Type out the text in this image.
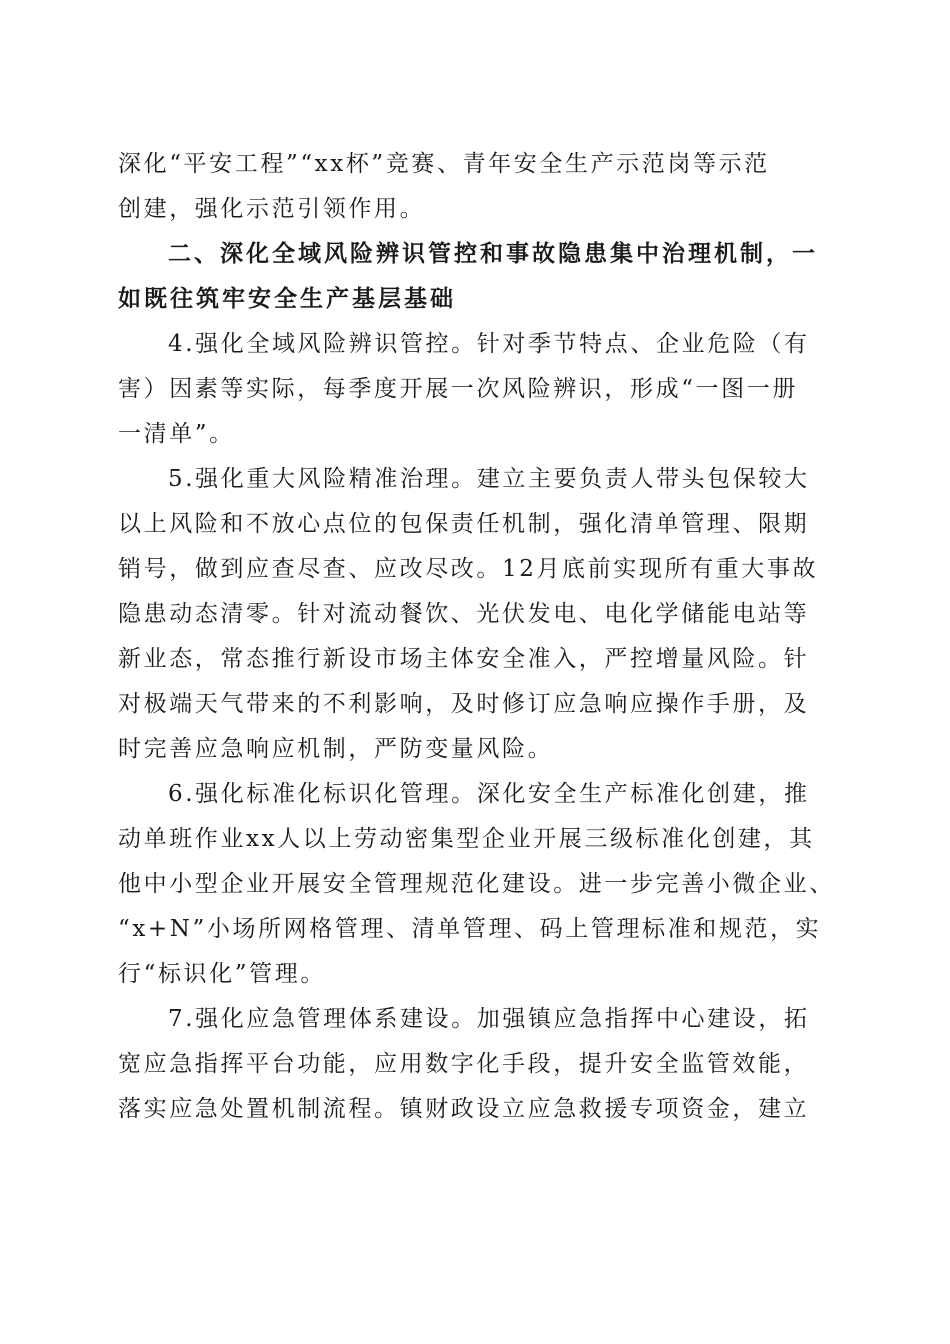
深化“平安工程”“xx杯”竞赛、青年安全生产示范岗等示范
创建，强化示范引领作用。
二、深化全域风险辨识管控和事故隐患集中治理机制，一
如既往筑牢安全生产基层基础
4.强化全域风险辨识管控。针对季节特点、企业危险（有
害）因素等实际，每季度开展一次风险辨识，形成“一图一册
一清单”。
5.强化重大风险精准治理。建立主要负责人带头包保较大
以上风险和不放心点位的包保责任机制，强化清单管理、限期
销号，做到应查尽查、应改尽改。12月底前实现所有重大事故
隐患动态清零。针对流动餐饮、光伏发电、电化学储能电站等
新业态，常态推行新设市场主体安全准入，严控增量风险。针
对极端天气带来的不利影响，及时修订应急响应操作手册，及
时完善应急响应机制，严防变量风险。
6.强化标准化标识化管理。深化安全生产标准化创建，推
动单班作业xx人以上劳动密集型企业开展三级标准化创建，其
他中小型企业开展安全管理规范化建设。进一步完善小微企业、
“x+N”小场所网格管理、清单管理、码上管理标准和规范，实
行“标识化”管理。
7.强化应急管理体系建设。加强镇应急指挥中心建设，拓
宽应急指挥平台功能，应用数字化手段，提升安全监管效能，
落实应急处置机制流程。镇财政设立应急救援专项资金，建立
